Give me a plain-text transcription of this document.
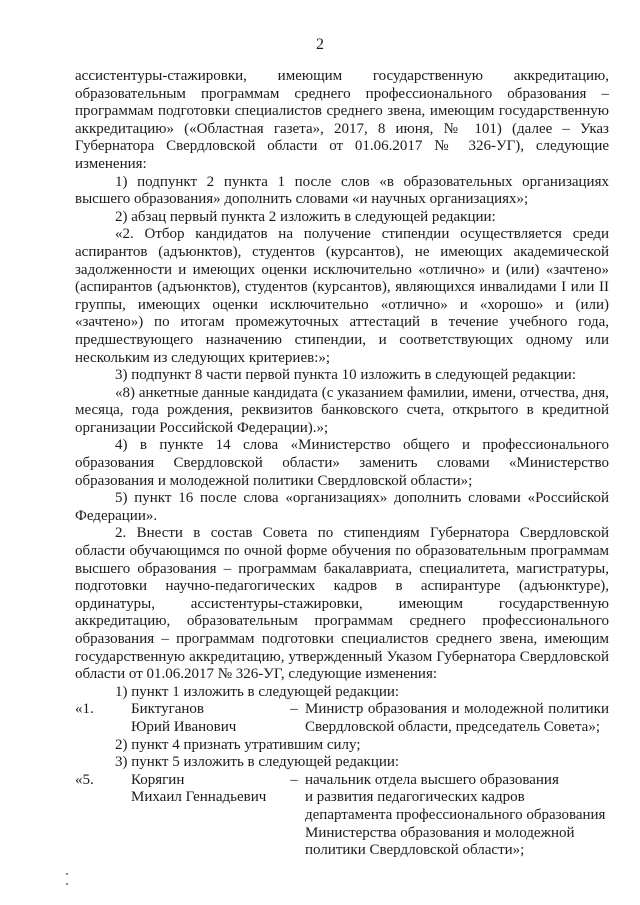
2

ассистентуры-стажировки, имеющим государственную аккредитацию, образовательным программам среднего профессионального образования – программам подготовки специалистов среднего звена, имеющим государственную аккредитацию» («Областная газета», 2017, 8 июня, № 101) (далее – Указ Губернатора Свердловской области от 01.06.2017 № 326-УГ), следующие изменения:

1) подпункт 2 пункта 1 после слов «в образовательных организациях высшего образования» дополнить словами «и научных организациях»;

2) абзац первый пункта 2 изложить в следующей редакции:

«2. Отбор кандидатов на получение стипендии осуществляется среди аспирантов (адъюнктов), студентов (курсантов), не имеющих академической задолженности и имеющих оценки исключительно «отлично» и (или) «зачтено» (аспирантов (адъюнктов), студентов (курсантов), являющихся инвалидами I или II группы, имеющих оценки исключительно «отлично» и «хорошо» и (или) «зачтено») по итогам промежуточных аттестаций в течение учебного года, предшествующего назначению стипендии, и соответствующих одному или нескольким из следующих критериев:»;

3) подпункт 8 части первой пункта 10 изложить в следующей редакции:

«8) анкетные данные кандидата (с указанием фамилии, имени, отчества, дня, месяца, года рождения, реквизитов банковского счета, открытого в кредитной организации Российской Федерации).»;

4) в пункте 14 слова «Министерство общего и профессионального образования Свердловской области» заменить словами «Министерство образования и молодежной политики Свердловской области»;

5) пункт 16 после слова «организациях» дополнить словами «Российской Федерации».

2. Внести в состав Совета по стипендиям Губернатора Свердловской области обучающимся по очной форме обучения по образовательным программам высшего образования – программам бакалавриата, специалитета, магистратуры, подготовки научно-педагогических кадров в аспирантуре (адъюнктуре), ординатуры, ассистентуры-стажировки, имеющим государственную аккредитацию, образовательным программам среднего профессионального образования – программам подготовки специалистов среднего звена, имеющим государственную аккредитацию, утвержденный Указом Губернатора Свердловской области от 01.06.2017 № 326-УГ, следующие изменения:

1) пункт 1 изложить в следующей редакции:

«1.	Биктуганов
Юрий Иванович
– Министр образования и молодежной политики Свердловской области, председатель Совета»;

2) пункт 4 признать утратившим силу;

3) пункт 5 изложить в следующей редакции:

«5.	Корягин
Михаил Геннадьевич
– начальник отдела высшего образования
и развития педагогических кадров
департамента профессионального образования
Министерства образования и молодежной
политики Свердловской области»;
